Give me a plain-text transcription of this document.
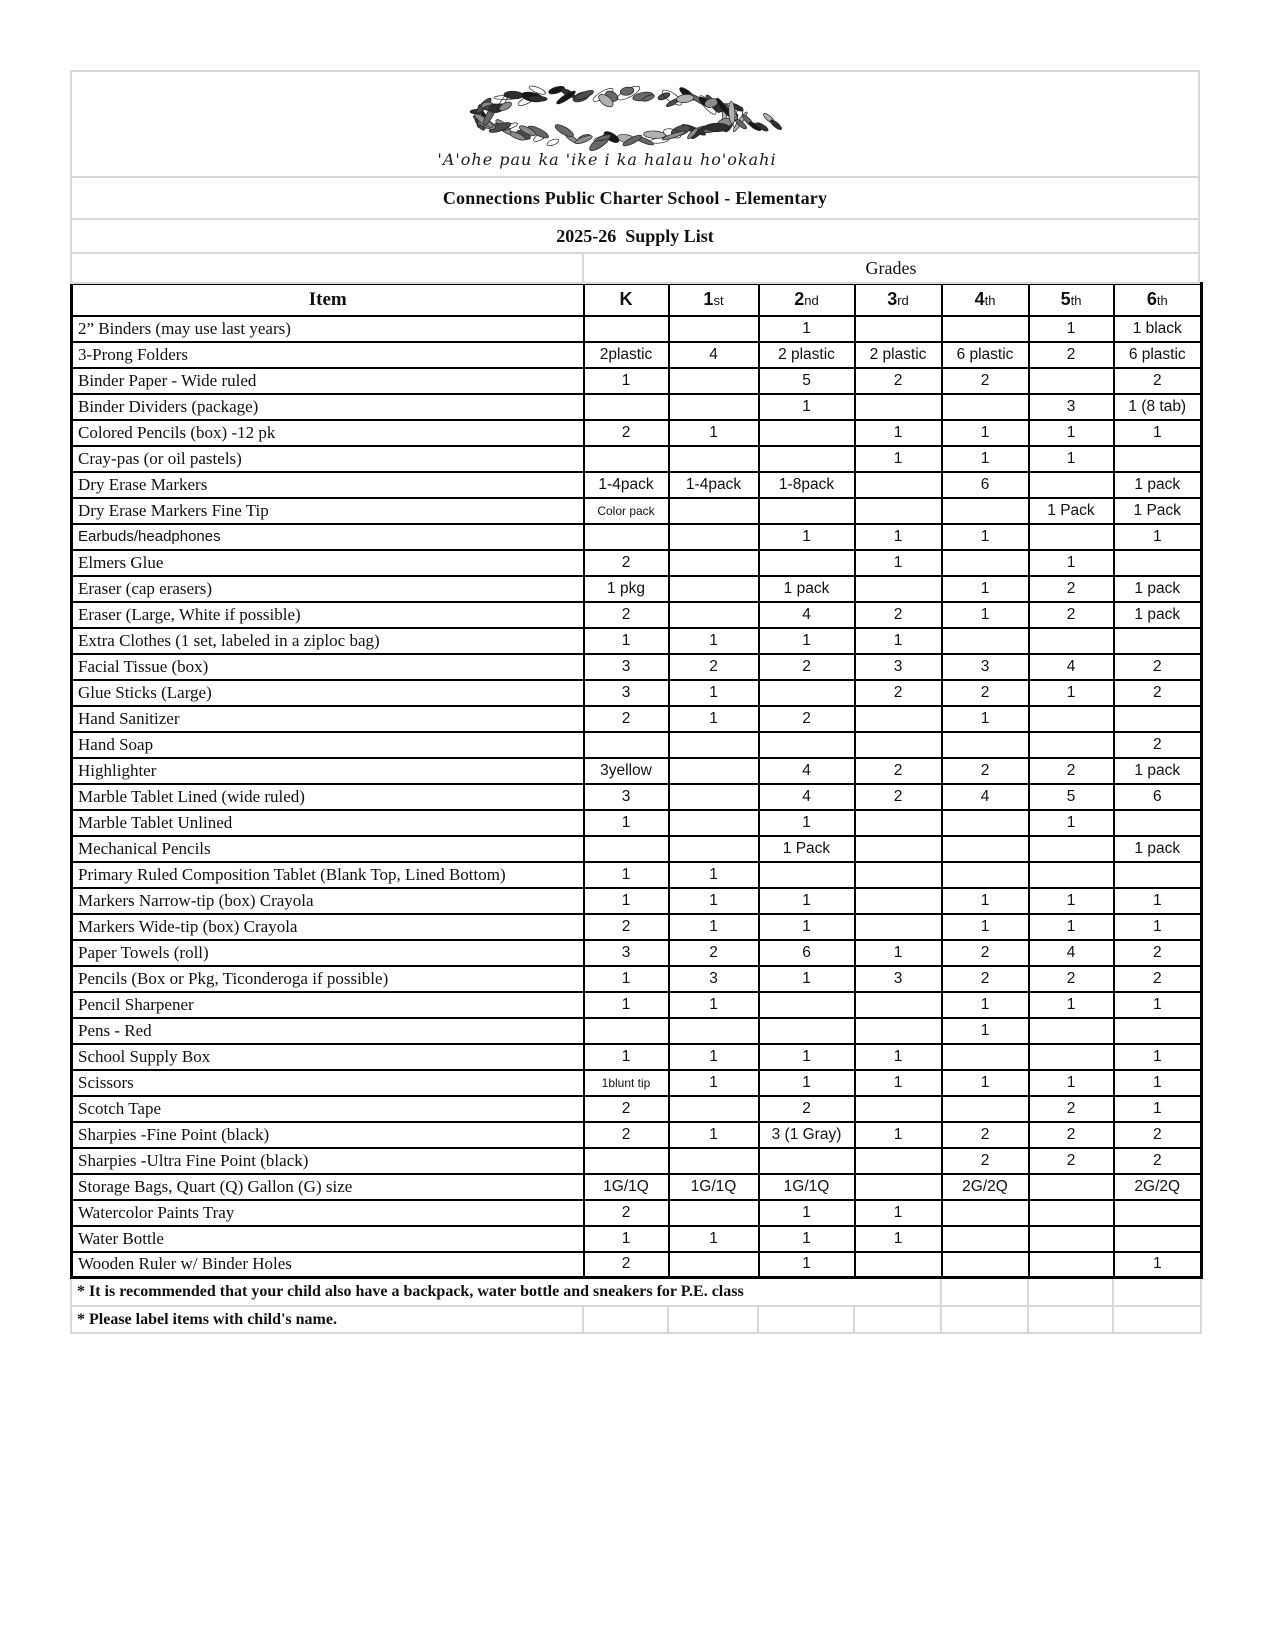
'A'ohe pau ka 'ike i ka halau ho'okahi
Connections Public Charter School - Elementary
2025-26  Supply List
Grades
Item	K	1st	2nd	3rd	4th	5th	6th
2” Binders (may use last years)			1			1	1 black
3-Prong Folders	2plastic	4	2 plastic	2 plastic	6 plastic	2	6 plastic
Binder Paper - Wide ruled	1		5	2	2		2
Binder Dividers (package)			1			3	1 (8 tab)
Colored Pencils (box) -12 pk	2	1		1	1	1	1
Cray-pas (or oil pastels)				1	1	1	
Dry Erase Markers	1-4pack	1-4pack	1-8pack		6		1 pack
Dry Erase Markers Fine Tip	Color pack					1 Pack	1 Pack
Earbuds/headphones			1	1	1		1
Elmers Glue	2			1		1	
Eraser (cap erasers)	1 pkg		1 pack		1	2	1 pack
Eraser (Large, White if possible)	2		4	2	1	2	1 pack
Extra Clothes (1 set, labeled in a ziploc bag)	1	1	1	1			
Facial Tissue (box)	3	2	2	3	3	4	2
Glue Sticks (Large)	3	1		2	2	1	2
Hand Sanitizer	2	1	2		1		
Hand Soap							2
Highlighter	3yellow		4	2	2	2	1 pack
Marble Tablet Lined (wide ruled)	3		4	2	4	5	6
Marble Tablet Unlined	1		1			1	
Mechanical Pencils			1 Pack				1 pack
Primary Ruled Composition Tablet (Blank Top, Lined Bottom)	1	1					
Markers Narrow-tip (box) Crayola	1	1	1		1	1	1
Markers Wide-tip (box) Crayola	2	1	1		1	1	1
Paper Towels (roll)	3	2	6	1	2	4	2
Pencils (Box or Pkg, Ticonderoga if possible)	1	3	1	3	2	2	2
Pencil Sharpener	1	1			1	1	1
Pens - Red					1		
School Supply Box	1	1	1	1			1
Scissors	1blunt tip	1	1	1	1	1	1
Scotch Tape	2		2			2	1
Sharpies -Fine Point (black)	2	1	3 (1 Gray)	1	2	2	2
Sharpies -Ultra Fine Point (black)					2	2	2
Storage Bags, Quart (Q) Gallon (G) size	1G/1Q	1G/1Q	1G/1Q		2G/2Q		2G/2Q
Watercolor Paints Tray	2		1	1			
Water Bottle	1	1	1	1			
Wooden Ruler w/ Binder Holes	2		1				1
* It is recommended that your child also have a backpack, water bottle and sneakers for P.E. class							
* Please label items with child's name.							
